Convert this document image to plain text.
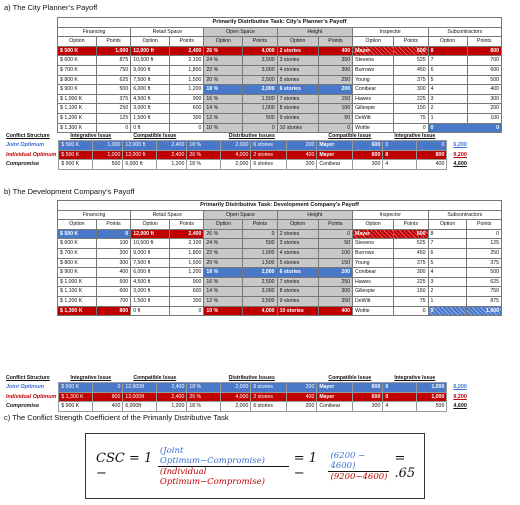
a) The City Planner’s Payoff
Primarily Distributive Task: City’s Planner’s Payoff											
Financing		Retail Space		Open Space		Height		Inspector		Subcontractors	
Option	Points	Option	Points	Option	Points	Option	Points	Option	Points	Option	Points
$ 500 K	1,000	12,000 ft	2,400	26 %	4,000	2 stories	400	Mayer	600	8	800
$ 600 K	875	10,500 ft	2,100	24 %	3,500	3 stories	350	Stevens	525	7	700
$ 700 K	750	9,000 ft	1,800	22 %	3,000	4 stories	300	Burrows	450	6	600
$ 800 K	625	7,500 ft	1,500	20 %	2,500	5 stories	250	Young	375	5	500
$ 900 K	500	6,000 ft	1,200	18 %	2,000	6 stories	200	Conibear	300	4	400
$ 1,000 K	375	4,500 ft	900	16 %	1,500	7 stories	150	Hawes	225	3	300
$ 1,100 K	250	3,000 ft	600	14 %	1,000	8 stories	100	Gillespie	150	2	200
$ 1,200 K	125	1,500 ft	300	12 %	500	9 stories	50	DeWitt	75	1	100
$ 1,300 K	0	0 ft	0	10 %	0	10 stories	0	Wottle	0	0	0
Conflict Structure	Integrative Issue		Compatible Issue		Distributive Issues				Compatible Issue		Integrative Issue		
Joint Optimum	$ 500 K	1,000	12,000 ft	2,400	18 %	2,000	6 stories	200	Mayer	600	0	0	6,200
Individual Optimum	$ 500 K	1,000	12,000 ft	2,400	26 %	4,000	2 stories	400	Mayer	600	8	800	9,200
Compromise	$ 900 K	500	6,000 ft	1,200	18 %	2,000	6 stories	200	Conibear	300	4	400	4,600
b) The Development Company’s Payoff
Primarily Distributive Task: Development Company’s Payoff											
Financing		Retail Space		Open Space		Height		Inspector		Subcontractors	
Option	Points	Option	Points	Option	Points	Option	Points	Option	Points	Option	Points
$ 500 K	0	12,000 ft	2,400	26 %	0	2 stories	0	Mayer	600	8	0
$ 600 K	100	10,500 ft	2,100	24 %	500	3 stories	50	Stevens	525	7	125
$ 700 K	200	9,000 ft	1,800	22 %	1,000	4 stories	100	Burrows	450	6	250
$ 800 K	300	7,500 ft	1,500	20 %	1,500	5 stories	150	Young	375	5	375
$ 900 K	400	6,000 ft	1,200	18 %	2,000	6 stories	200	Conibear	300	4	500
$ 1,000 K	500	4,500 ft	900	16 %	2,500	7 stories	250	Hawes	225	3	625
$ 1,100 K	600	3,000 ft	600	14 %	3,000	8 stories	300	Gillespie	150	2	750
$ 1,200 K	700	1,500 ft	300	12 %	3,500	9 stories	350	DeWitt	75	1	875
$ 1,300 K	800	0 ft	0	10 %	4,000	10 stories	400	Wottle	0	0	1,000
Conflict Structure	Integrative Issue		Compatible Issue		Distributive Issues				Compatible Issue		Integrative Issue		
Joint Optimum	$ 500 K	0	12,000ft	2,400	18 %	2,000	6 stories	200	Mayer	600	0	1,000	6,200
Individual Optimum	$ 1,300 K	800	12,000ft	2,400	26 %	4,000	2 stories	400	Mayer	600	0	1,000	9,200
Compromise	$ 900 K	400	6,000ft	1,200	18 %	2,000	6 stories	200	Conibear	300	4	500	4,600
c) The Conflict Strength Coefficient of the Primarily Distributive Task
CSC = 1 −	$\frac{\text{(Joint Optimum−Compromise)}}{\text{(Individual Optimum−Compromise)}} = 1$ −	$\frac{(6200 - 4600)}{(9200-4600)} = .65$
